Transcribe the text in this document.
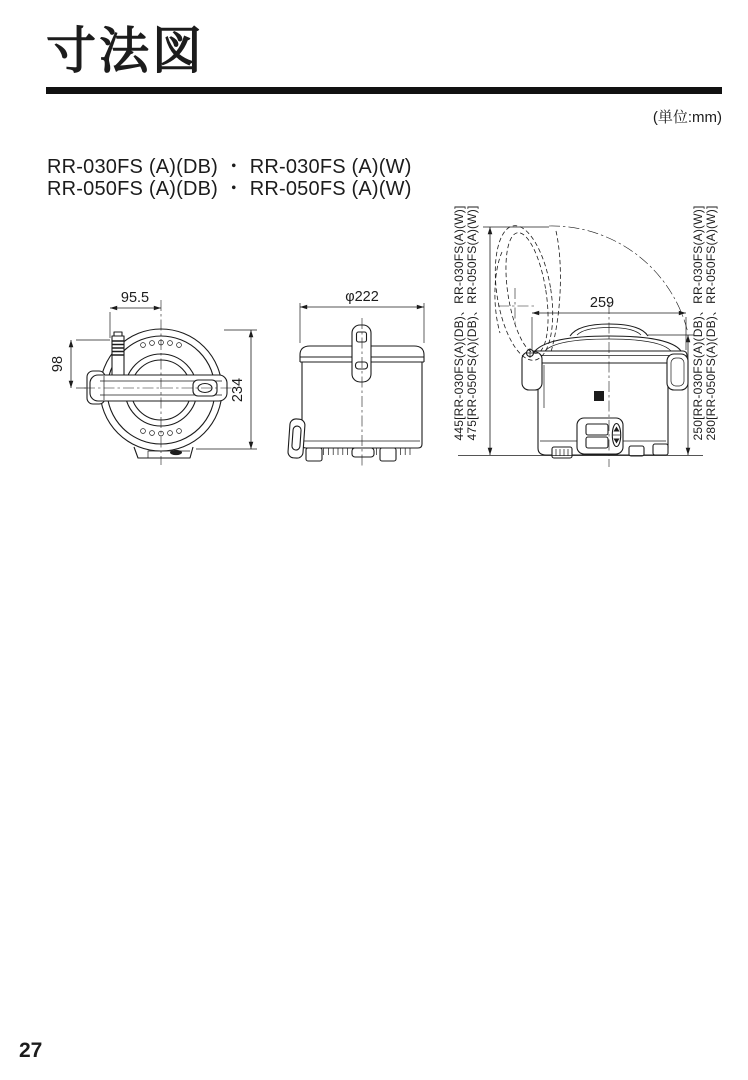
寸法図
(単位:mm)
RR-030FS (A)(DB) ・ RR-030FS (A)(W)
RR-050FS (A)(DB) ・ RR-050FS (A)(W)
95.5
98
234
φ222	259
445[RR-030FS(A)(DB)、RR-030FS(A)(W)] 475[RR-050FS(A)(DB)、RR-050FS(A)(W)]	250[RR-030FS(A)(DB)、RR-030FS(A)(W)] 280[RR-050FS(A)(DB)、RR-050FS(A)(W)]
27
